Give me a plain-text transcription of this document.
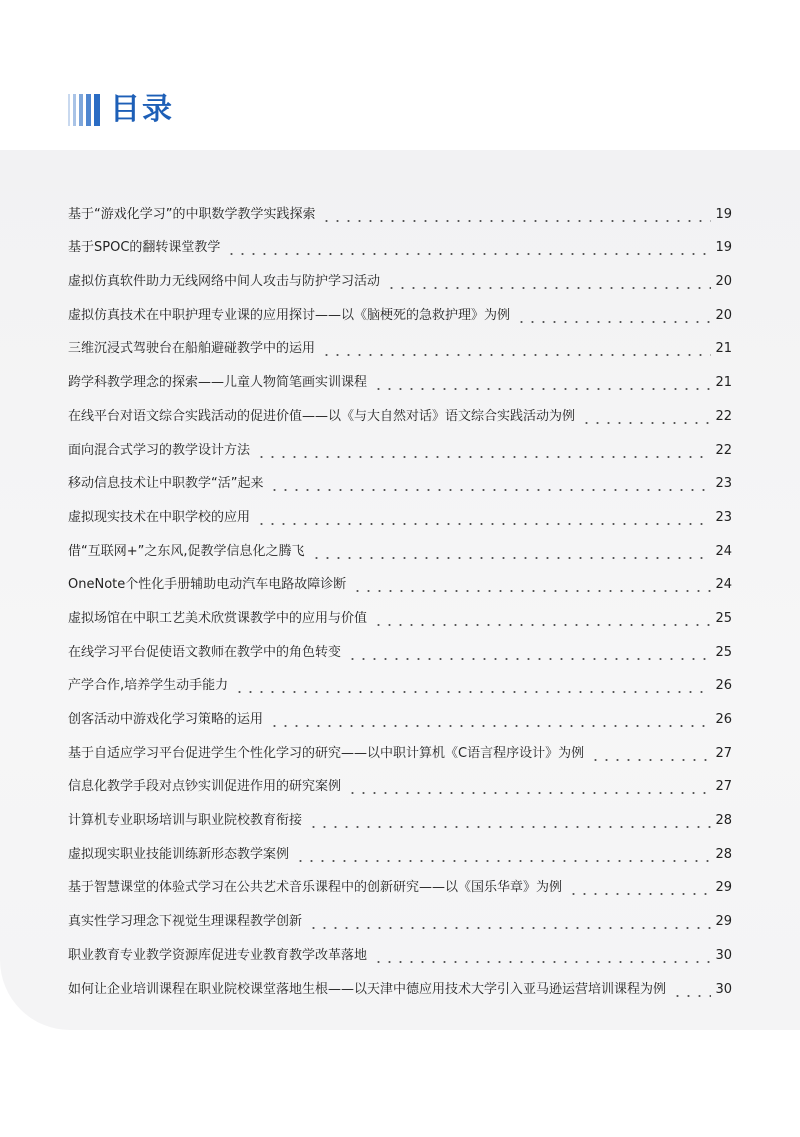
目录
基于“游戏化学习”的中职数学教学实践探索	19
基于SPOC的翻转课堂教学	19
虚拟仿真软件助力无线网络中间人攻击与防护学习活动	20
虚拟仿真技术在中职护理专业课的应用探讨——以《脑梗死的急救护理》为例	20
三维沉浸式驾驶台在船舶避碰教学中的运用	21
跨学科教学理念的探索——儿童人物简笔画实训课程	21
在线平台对语文综合实践活动的促进价值——以《与大自然对话》语文综合实践活动为例	22
面向混合式学习的教学设计方法	22
移动信息技术让中职教学“活”起来	23
虚拟现实技术在中职学校的应用	23
借“互联网+”之东风,促教学信息化之腾飞	24
OneNote个性化手册辅助电动汽车电路故障诊断	24
虚拟场馆在中职工艺美术欣赏课教学中的应用与价值	25
在线学习平台促使语文教师在教学中的角色转变	25
产学合作,培养学生动手能力	26
创客活动中游戏化学习策略的运用	26
基于自适应学习平台促进学生个性化学习的研究——以中职计算机《C语言程序设计》为例	27
信息化教学手段对点钞实训促进作用的研究案例	27
计算机专业职场培训与职业院校教育衔接	28
虚拟现实职业技能训练新形态教学案例	28
基于智慧课堂的体验式学习在公共艺术音乐课程中的创新研究——以《国乐华章》为例	29
真实性学习理念下视觉生理课程教学创新	29
职业教育专业教学资源库促进专业教育教学改革落地	30
如何让企业培训课程在职业院校课堂落地生根——以天津中德应用技术大学引入亚马逊运营培训课程为例	30
